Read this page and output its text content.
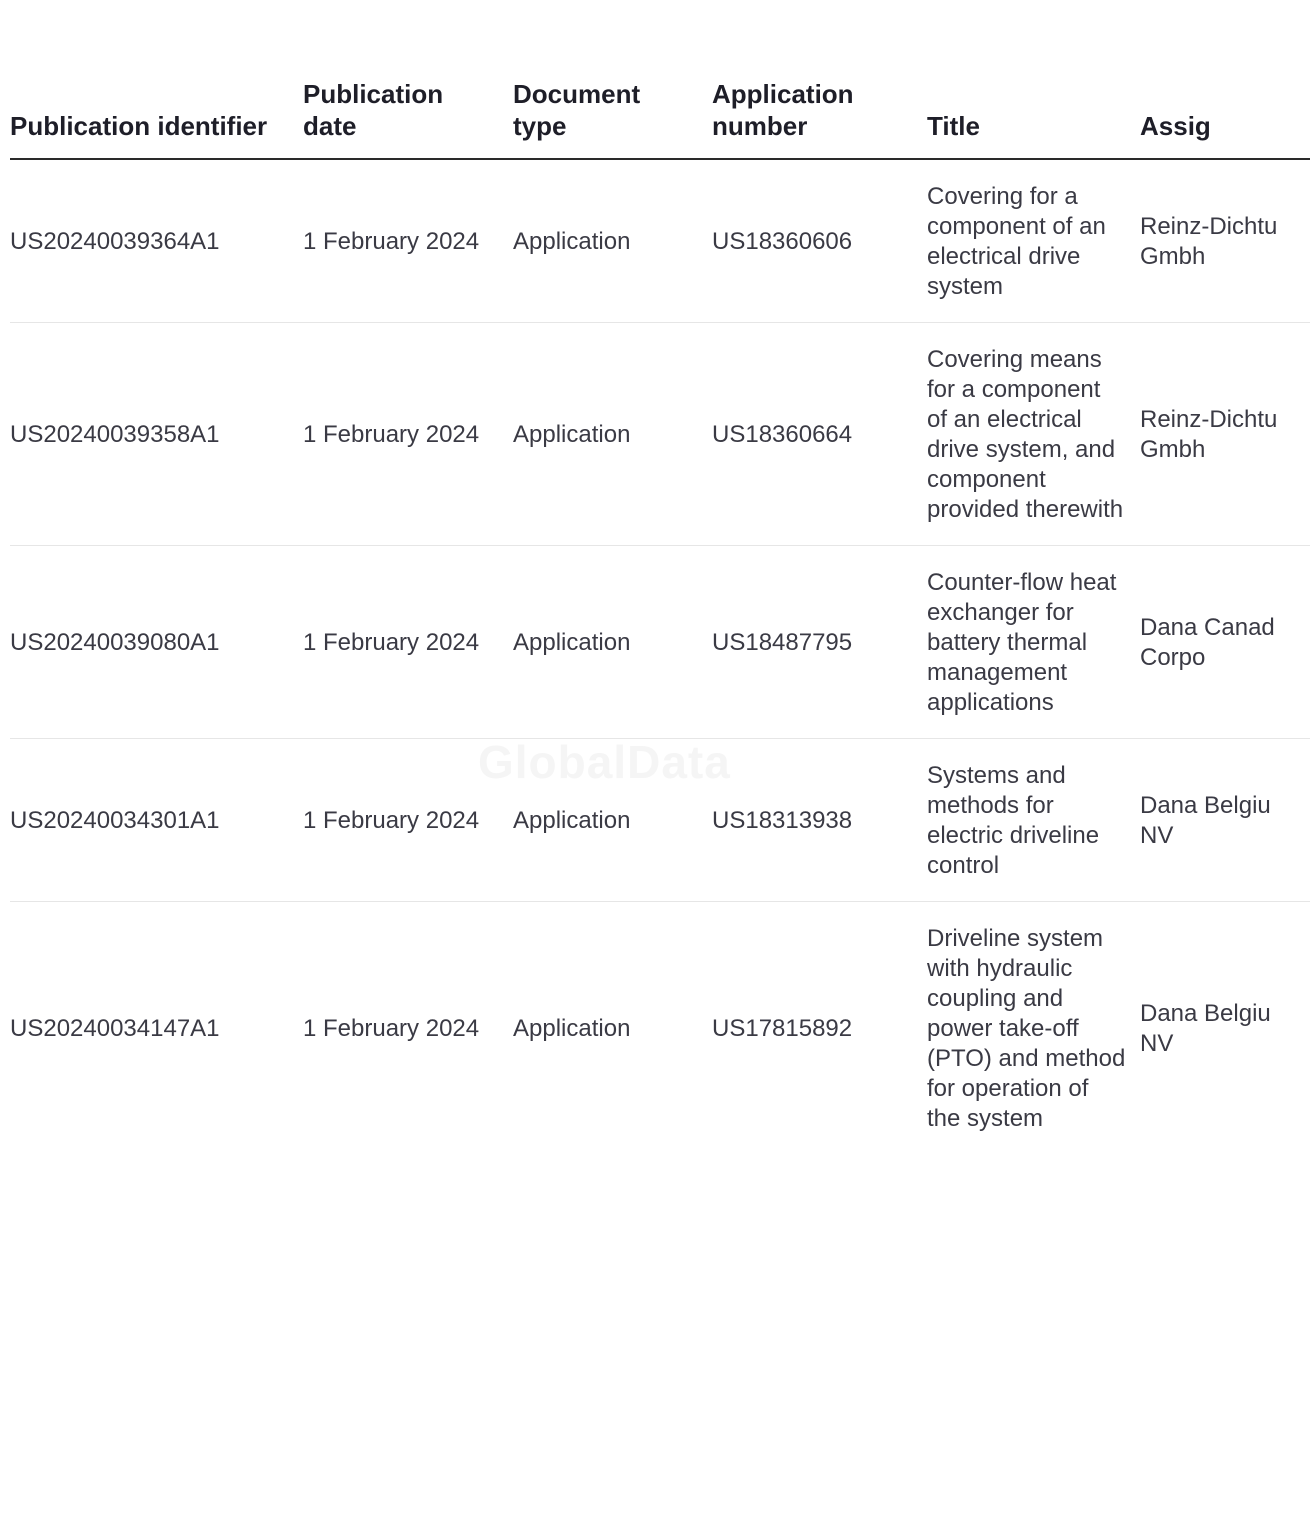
Publication identifier	Publication date	Document type	Application number	Title	Assig
US20240039364A1	1 February 2024	Application	US18360606	Covering for a component of an electrical drive system	Reinz-Dichtu Gmbh
US20240039358A1	1 February 2024	Application	US18360664	Covering means for a component of an electrical drive system, and component provided therewith	Reinz-Dichtu Gmbh
US20240039080A1	1 February 2024	Application	US18487795	Counter-flow heat exchanger for battery thermal management applications	Dana Canad Corpo
US20240034301A1	1 February 2024	Application	US18313938	Systems and methods for electric driveline control	Dana Belgiu NV
US20240034147A1	1 February 2024	Application	US17815892	Driveline system with hydraulic coupling and power take-off (PTO) and method for operation of the system	Dana Belgiu NV
GlobalData
